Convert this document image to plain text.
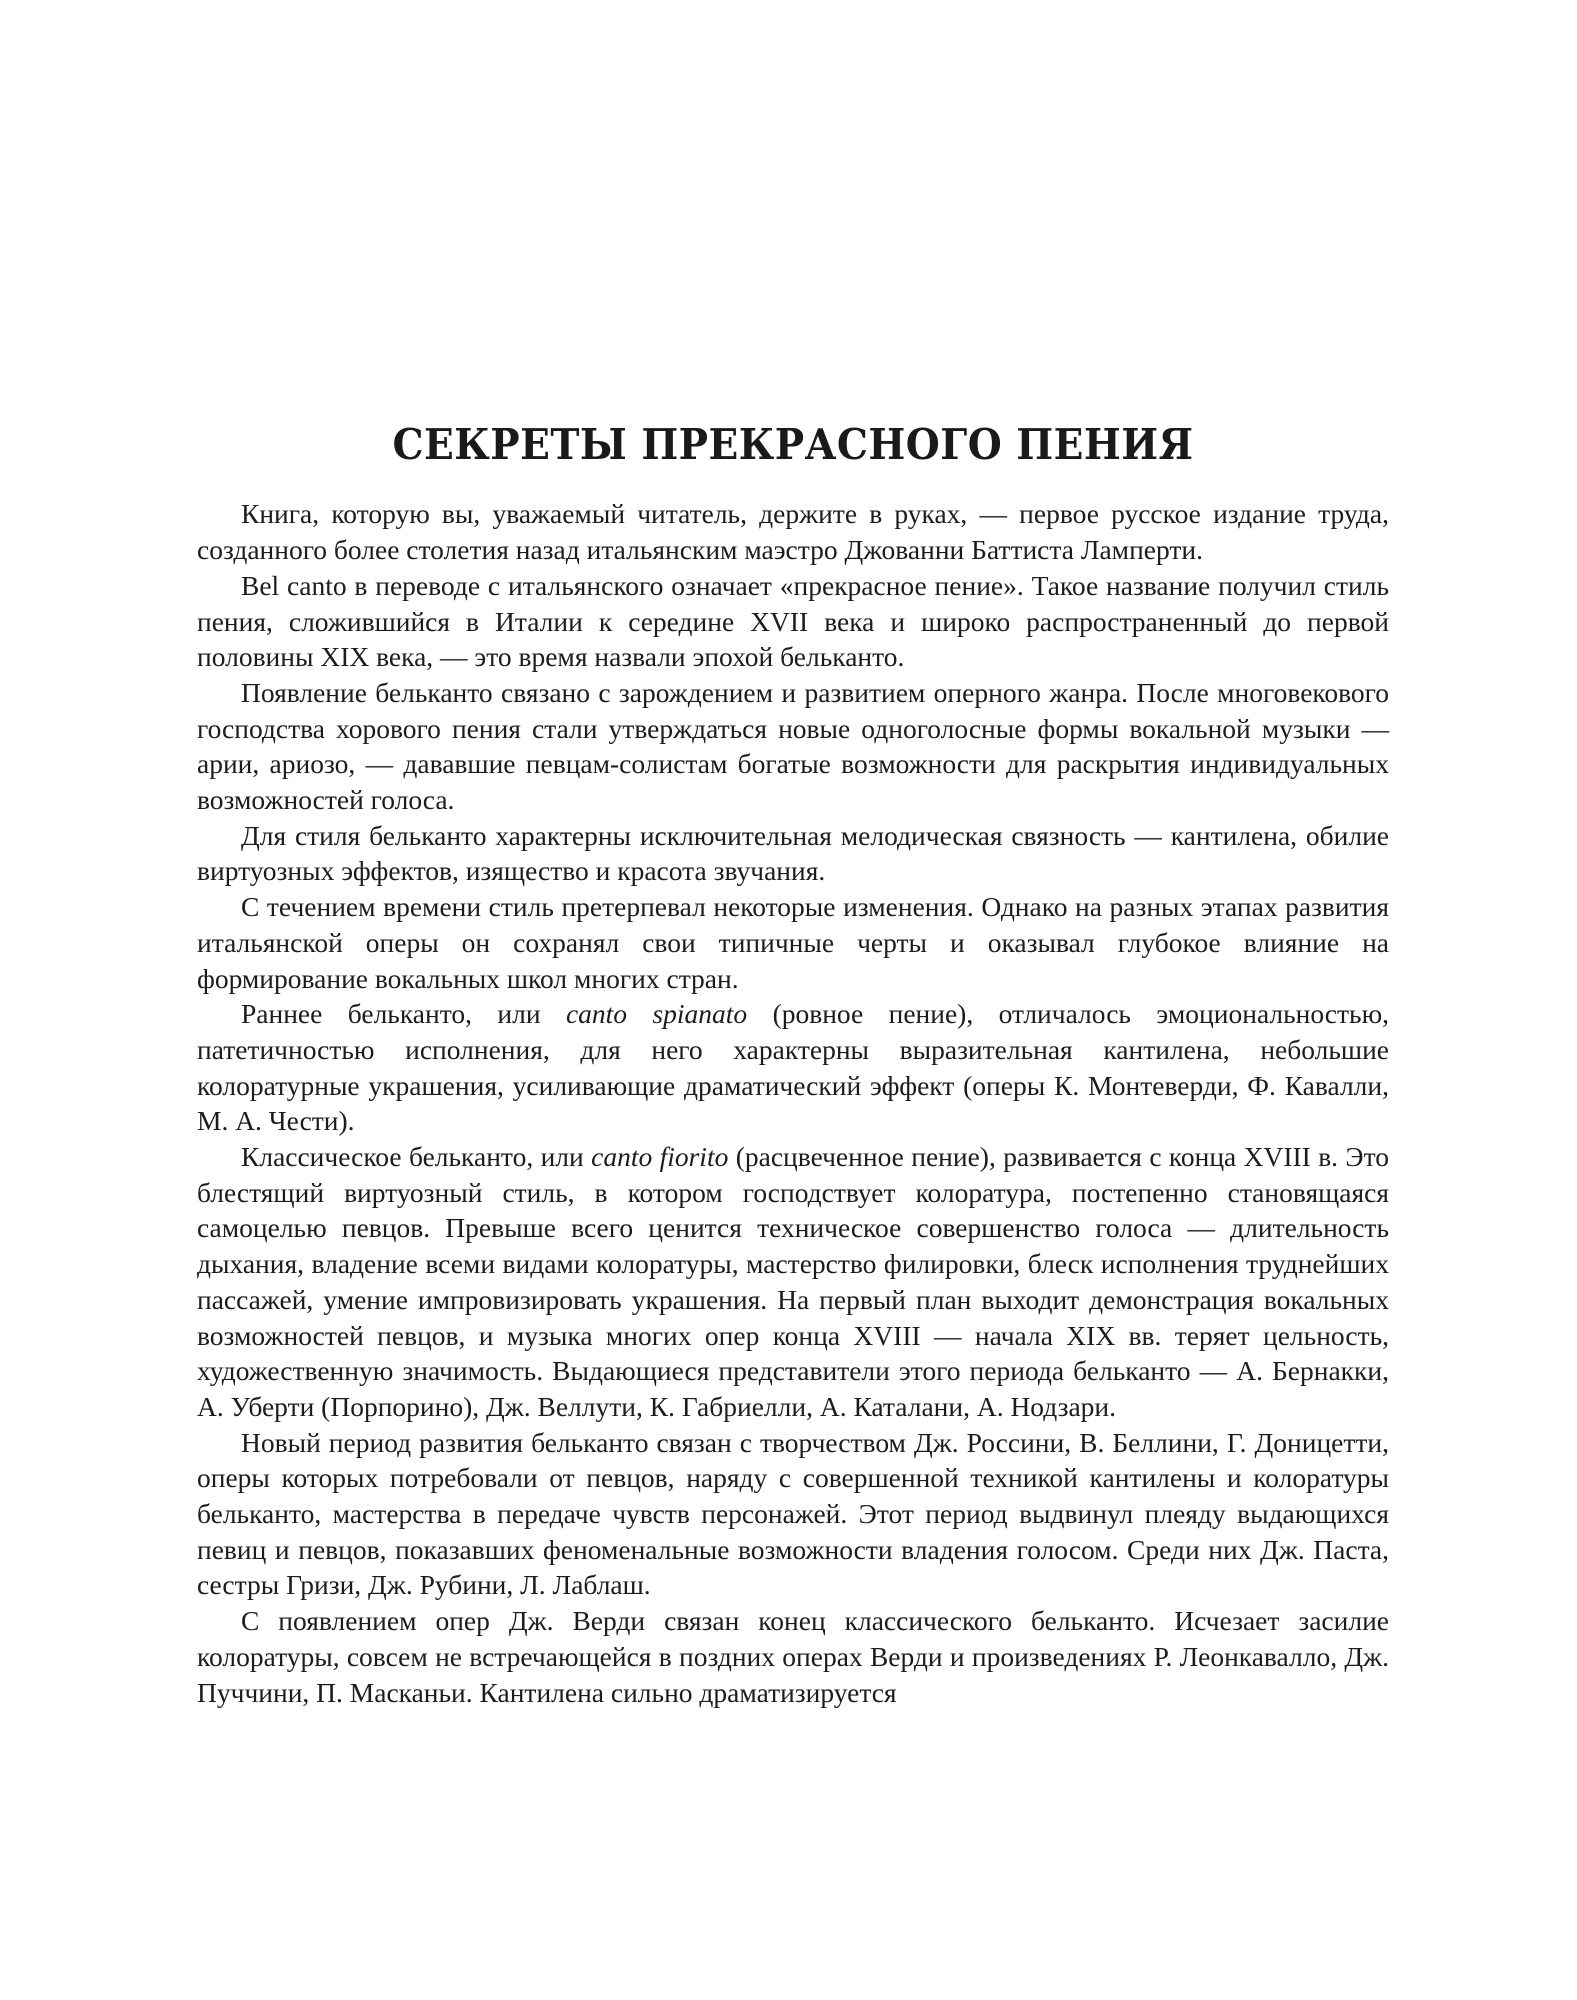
СЕКРЕТЫ ПРЕКРАСНОГО ПЕНИЯ

Книга, которую вы, уважаемый читатель, держите в руках, — первое русское издание труда, созданного более столетия назад итальянским маэстро Джованни Баттиста Ламперти.

Bel canto в переводе с итальянского означает «прекрасное пение». Такое название получил стиль пения, сложившийся в Италии к середине XVII века и широко распространенный до первой половины XIX века, — это время назвали эпохой бельканто.

Появление бельканто связано с зарождением и развитием оперного жанра. После многовекового господства хорового пения стали утверждаться новые одноголосные формы вокальной музыки — арии, ариозо, — дававшие певцам-солистам богатые возможности для раскрытия индивидуальных возможностей голоса.

Для стиля бельканто характерны исключительная мелодическая связность — кантилена, обилие виртуозных эффектов, изящество и красота звучания.

С течением времени стиль претерпевал некоторые изменения. Однако на разных этапах развития итальянской оперы он сохранял свои типичные черты и оказывал глубокое влияние на формирование вокальных школ многих стран.

Раннее бельканто, или canto spianato (ровное пение), отличалось эмоциональностью, патетичностью исполнения, для него характерны выразительная кантилена, небольшие колоратурные украшения, усиливающие драматический эффект (оперы К. Монтеверди, Ф. Кавалли, М. А. Чести).

Классическое бельканто, или canto fiorito (расцвеченное пение), развивается с конца XVIII в. Это блестящий виртуозный стиль, в котором господствует колоратура, постепенно становящаяся самоцелью певцов. Превыше всего ценится техническое совершенство голоса — длительность дыхания, владение всеми видами колоратуры, мастерство филировки, блеск исполнения труднейших пассажей, умение импровизировать украшения. На первый план выходит демонстрация вокальных возможностей певцов, и музыка многих опер конца XVIII — начала XIX вв. теряет цельность, художественную значимость. Выдающиеся представители этого периода бельканто — А. Бернакки, А. Уберти (Порпорино), Дж. Веллути, К. Габриелли, А. Каталани, А. Нодзари.

Новый период развития бельканто связан с творчеством Дж. Россини, В. Беллини, Г. Доницетти, оперы которых потребовали от певцов, наряду с совершенной техникой кантилены и колоратуры бельканто, мастерства в передаче чувств персонажей. Этот период выдвинул плеяду выдающихся певиц и певцов, показавших феноменальные возможности владения голосом. Среди них Дж. Паста, сестры Гризи, Дж. Рубини, Л. Лаблаш.

С появлением опер Дж. Верди связан конец классического бельканто. Исчезает засилие колоратуры, совсем не встречающейся в поздних операх Верди и произведениях Р. Леонкавалло, Дж. Пуччини, П. Масканьи. Кантилена сильно драматизируется
